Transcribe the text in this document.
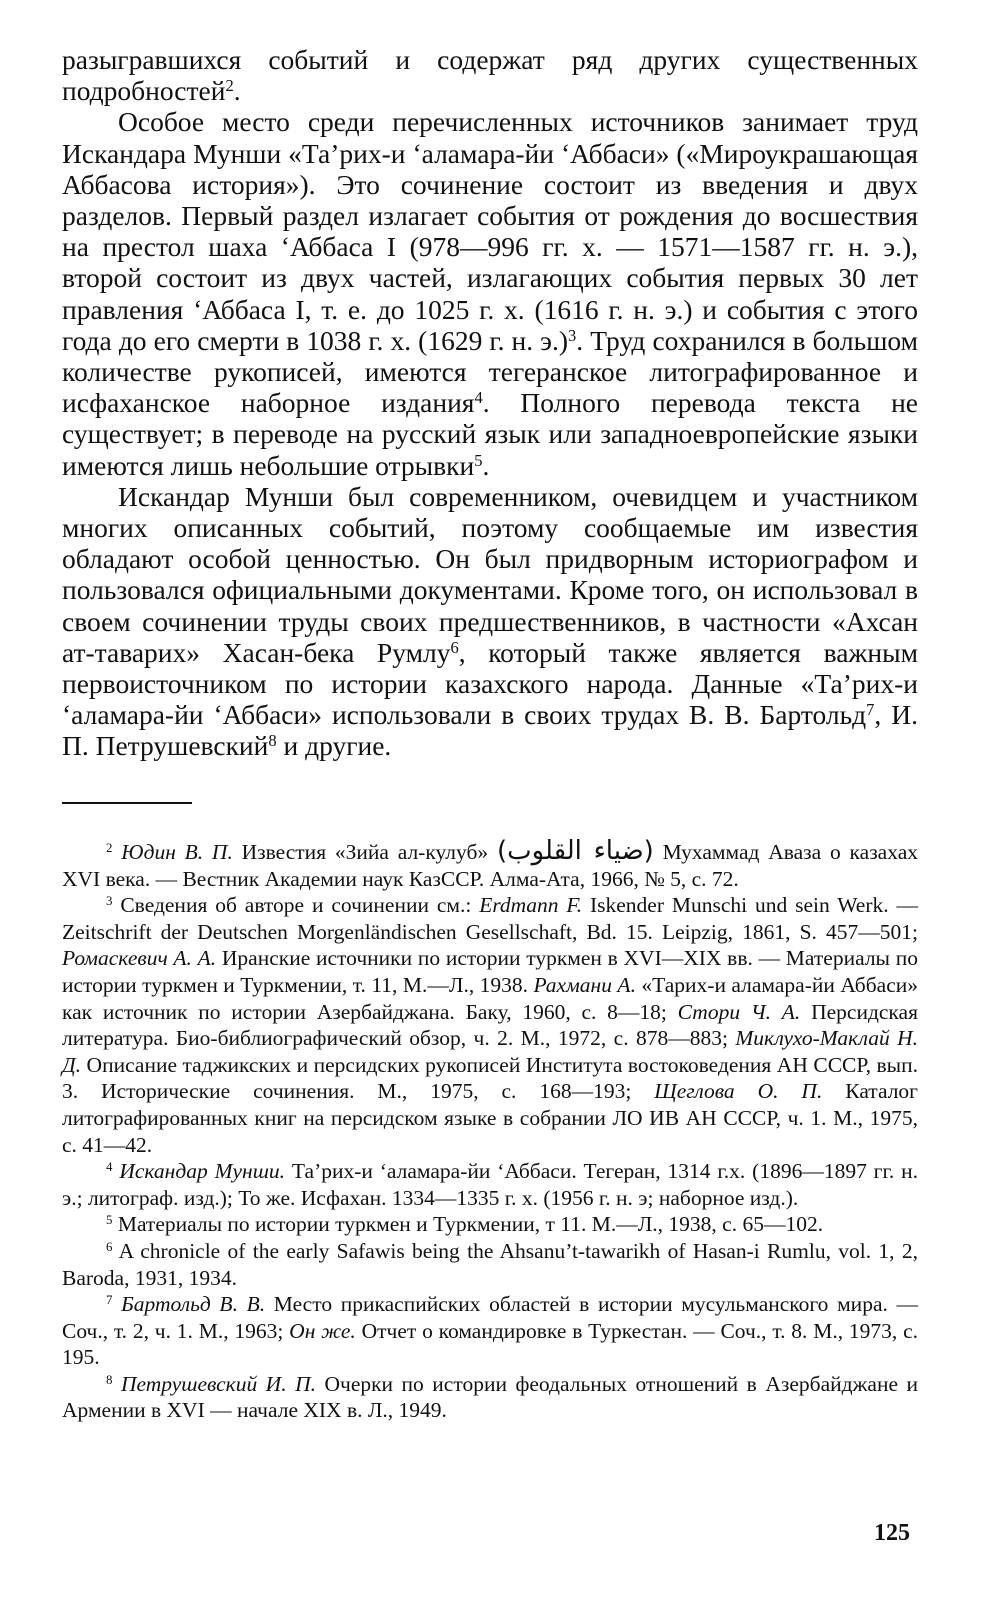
разыгравшихся событий и содержат ряд других существенных подробностей$^2$.

Особое место среди перечисленных источников занимает труд Искандара Мунши «Та’рих-и ‘аламара-йи ‘Аббаси» («Мироукрашающая Аббасова история»). Это сочинение состоит из введения и двух разделов. Первый раздел излагает события от рождения до восшествия на престол шаха ‘Аббаса I (978—996 гг. х. — 1571—1587 гг. н. э.), второй состоит из двух частей, излагающих события первых 30 лет правления ‘Аббаса I, т. е. до 1025 г. х. (1616 г. н. э.) и события с этого года до его смерти в 1038 г. х. (1629 г. н. э.)$^3$. Труд сохранился в большом количестве рукописей, имеются тегеранское литографированное и исфаханское наборное издания$^4$. Полного перевода текста не существует; в переводе на русский язык или западноевропейские языки имеются лишь небольшие отрывки$^5$.

Искандар Мунши был современником, очевидцем и участником многих описанных событий, поэтому сообщаемые им известия обладают особой ценностью. Он был придворным историографом и пользовался официальными документами. Кроме того, он использовал в своем сочинении труды своих предшественников, в частности «Ахсан ат-таварих» Хасан-бека Румлу$^6$, который также является важным первоисточником по истории казахского народа. Данные «Та’рих-и ‘аламара-йи ‘Аббаси» использовали в своих трудах В. В. Бартольд$^7$, И. П. Петрушевский$^8$ и другие.

$^2$ Юдин В. П. Известия «Зийа ал-кулуб» (ضياء القلوب) Мухаммад Аваза о казахах XVI века. — Вестник Академии наук КазССР. Алма-Ата, 1966, № 5, с. 72.

$^3$ Сведения об авторе и сочинении см.: Erdmann F. Iskender Munschi und sein Werk. — Zeitschrift der Deutschen Morgenländischen Gesellschaft, Bd. 15. Leipzig, 1861, S. 457—501; Ромаскевич А. А. Иранские источники по истории туркмен в XVI—XIX вв. — Материалы по истории туркмен и Туркмении, т. 11, М.—Л., 1938. Рахмани А. «Тарих-и аламара-йи Аббаси» как источник по истории Азербайджана. Баку, 1960, с. 8—18; Стори Ч. А. Персидская литература. Био-библиографический обзор, ч. 2. М., 1972, с. 878—883; Миклухо-Маклай Н. Д. Описание таджикских и персидских рукописей Института востоковедения АН СССР, вып. 3. Исторические сочинения. М., 1975, с. 168—193; Щеглова О. П. Каталог литографированных книг на персидском языке в собрании ЛО ИВ АН СССР, ч. 1. М., 1975, с. 41—42.

$^4$ Искандар Мунши. Та’рих-и ‘аламара-йи ‘Аббаси. Тегеран, 1314 г.х. (1896—1897 гг. н. э.; литограф. изд.); То же. Исфахан. 1334—1335 г. х. (1956 г. н. э; наборное изд.).

$^5$ Материалы по истории туркмен и Туркмении, т 11. М.—Л., 1938, с. 65—102.

$^6$ A chronicle of the early Safawis being the Ahsanu’t-tawarikh of Hasan-i Rumlu, vol. 1, 2, Baroda, 1931, 1934.

$^7$ Бартольд В. В. Место прикаспийских областей в истории мусульманского мира. — Соч., т. 2, ч. 1. М., 1963; Он же. Отчет о командировке в Туркестан. — Соч., т. 8. М., 1973, с. 195.

$^8$ Петрушевский И. П. Очерки по истории феодальных отношений в Азербайджане и Армении в XVI — начале XIX в. Л., 1949.

125
